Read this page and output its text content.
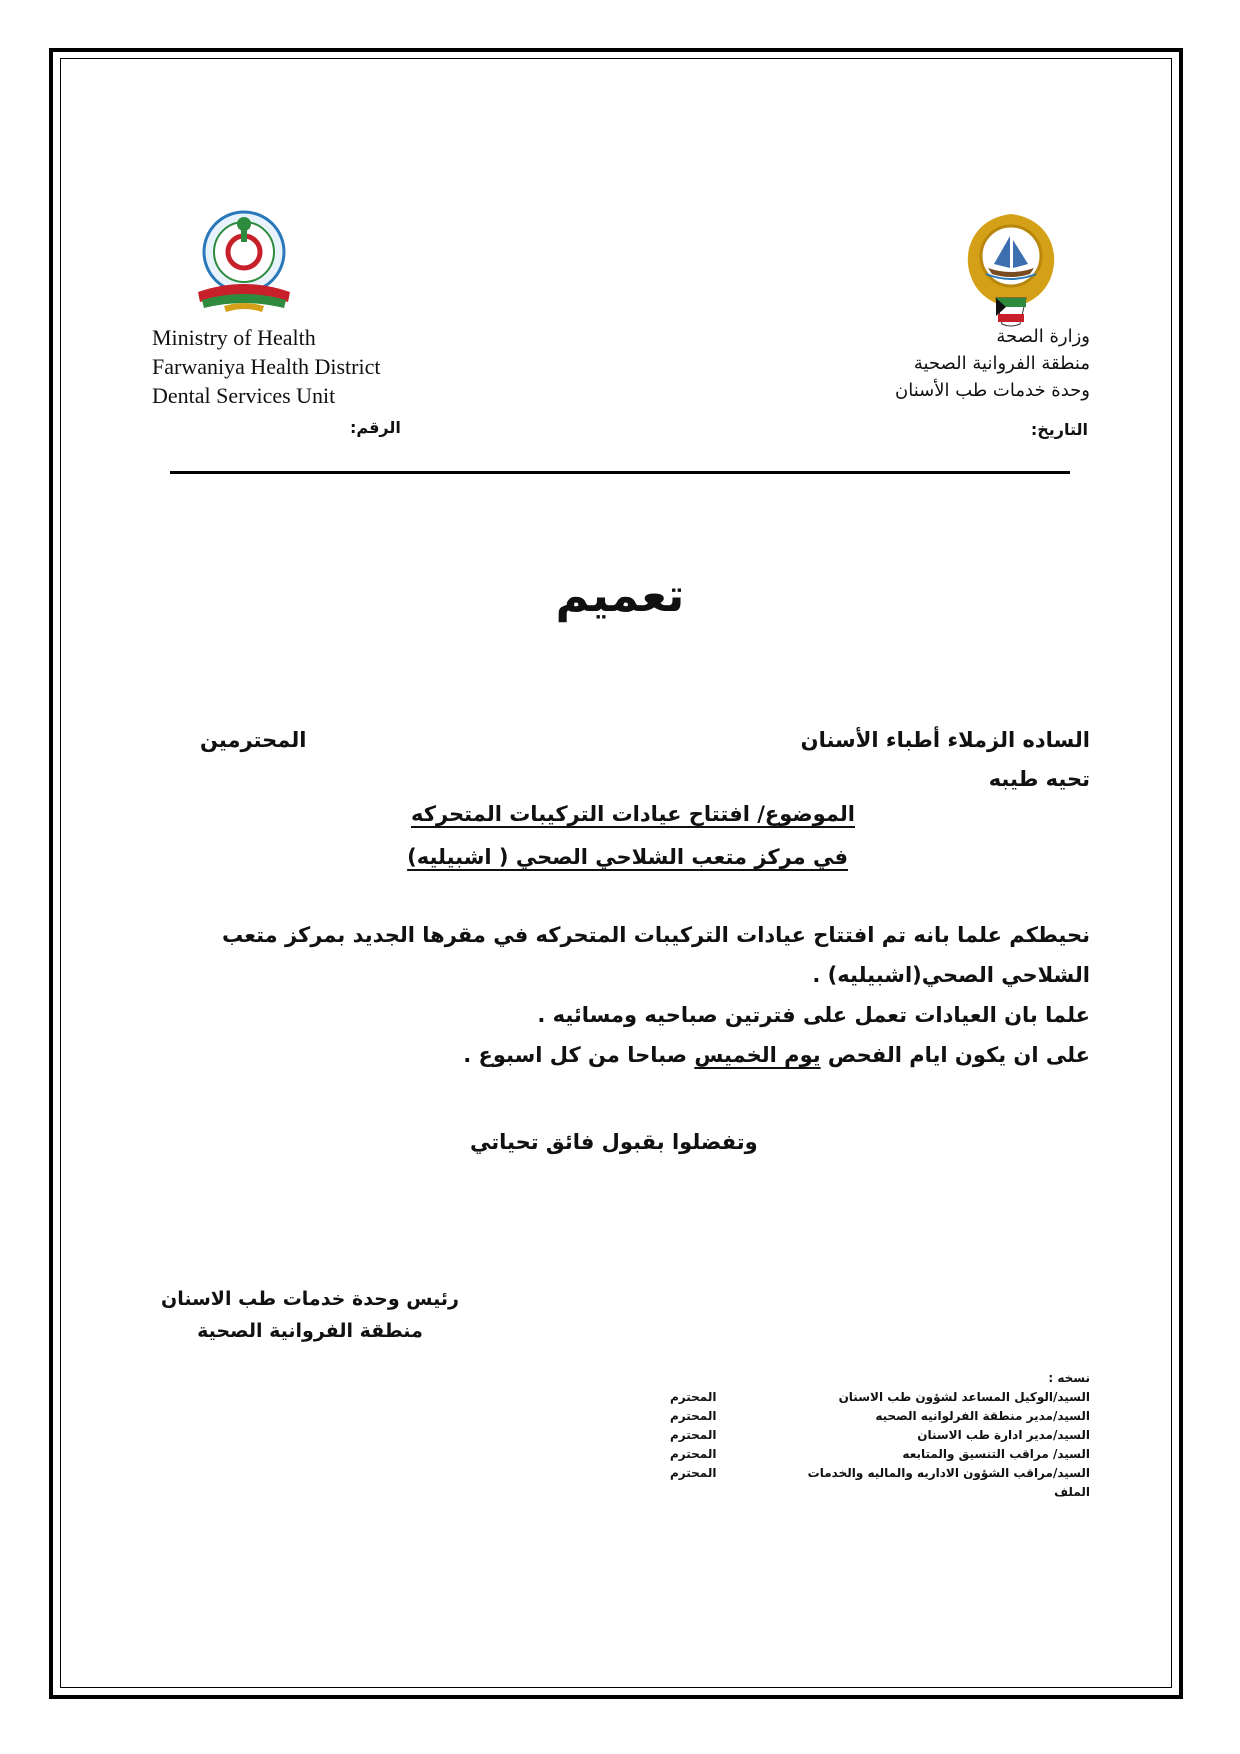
Ministry of Health
Farwaniya Health District
Dental Services Unit
وزارة الصحة
منطقة الفروانية الصحية
وحدة خدمات طب الأسنان
الرقم:	التاريخ:
تعميم
الساده الزملاء أطباء الأسنان
المحترمين
تحيه طيبه
الموضوع/ افتتاح عيادات التركيبات المتحركه
في مركز متعب الشلاحي الصحي ( اشبيليه)
نحيطكم علما بانه تم افتتاح عيادات التركيبات المتحركه في مقرها الجديد بمركز متعب
الشلاحي الصحي(اشبيليه) .
علما بان العيادات تعمل على فترتين صباحيه ومسائيه .
على ان يكون ايام الفحص يوم الخميس صباحا من كل اسبوع .
وتفضلوا بقبول فائق تحياتي
رئيس وحدة خدمات طب الاسنان
منطقة الفروانية الصحية
نسخه :
السيد/الوكيل المساعد لشؤون طب الاسنان
المحترم
السيد/مدير منطقة الفرلوانيه الصحيه
المحترم
السيد/مدير ادارة طب الاسنان
المحترم
السيد/ مراقب التنسيق والمتابعه
المحترم
السيد/مراقب الشؤون الاداريه والماليه والخدمات
المحترم
الملف
